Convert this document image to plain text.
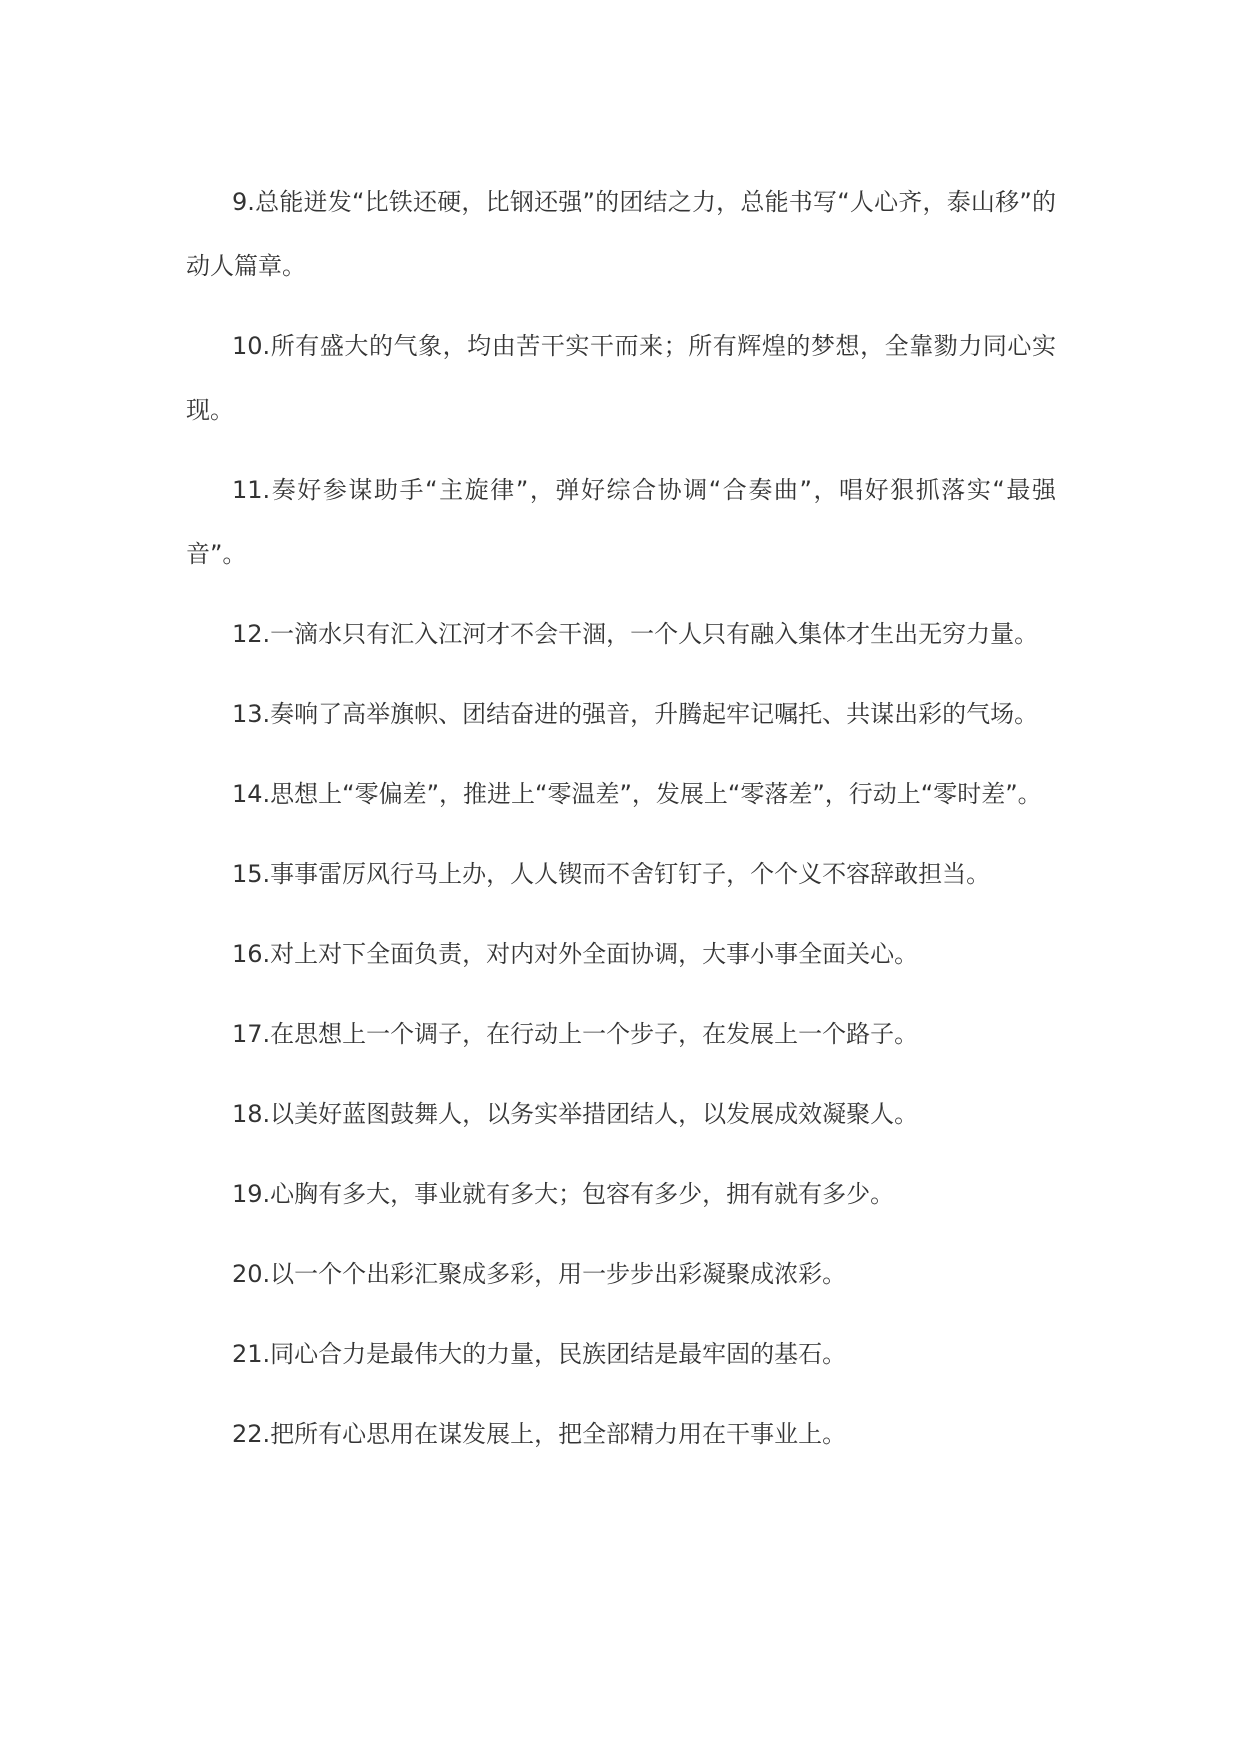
9.总能迸发“比铁还硬，比钢还强”的团结之力，总能书写“人心齐，泰山移”的动人篇章。

10.所有盛大的气象，均由苦干实干而来；所有辉煌的梦想，全靠勠力同心实现。

11.奏好参谋助手“主旋律”，弹好综合协调“合奏曲”，唱好狠抓落实“最强音”。

12.一滴水只有汇入江河才不会干涸，一个人只有融入集体才生出无穷力量。

13.奏响了高举旗帜、团结奋进的强音，升腾起牢记嘱托、共谋出彩的气场。

14.思想上“零偏差”，推进上“零温差”，发展上“零落差”，行动上“零时差”。

15.事事雷厉风行马上办，人人锲而不舍钉钉子，个个义不容辞敢担当。

16.对上对下全面负责，对内对外全面协调，大事小事全面关心。

17.在思想上一个调子，在行动上一个步子，在发展上一个路子。

18.以美好蓝图鼓舞人，以务实举措团结人，以发展成效凝聚人。

19.心胸有多大，事业就有多大；包容有多少，拥有就有多少。

20.以一个个出彩汇聚成多彩，用一步步出彩凝聚成浓彩。

21.同心合力是最伟大的力量，民族团结是最牢固的基石。

22.把所有心思用在谋发展上，把全部精力用在干事业上。
